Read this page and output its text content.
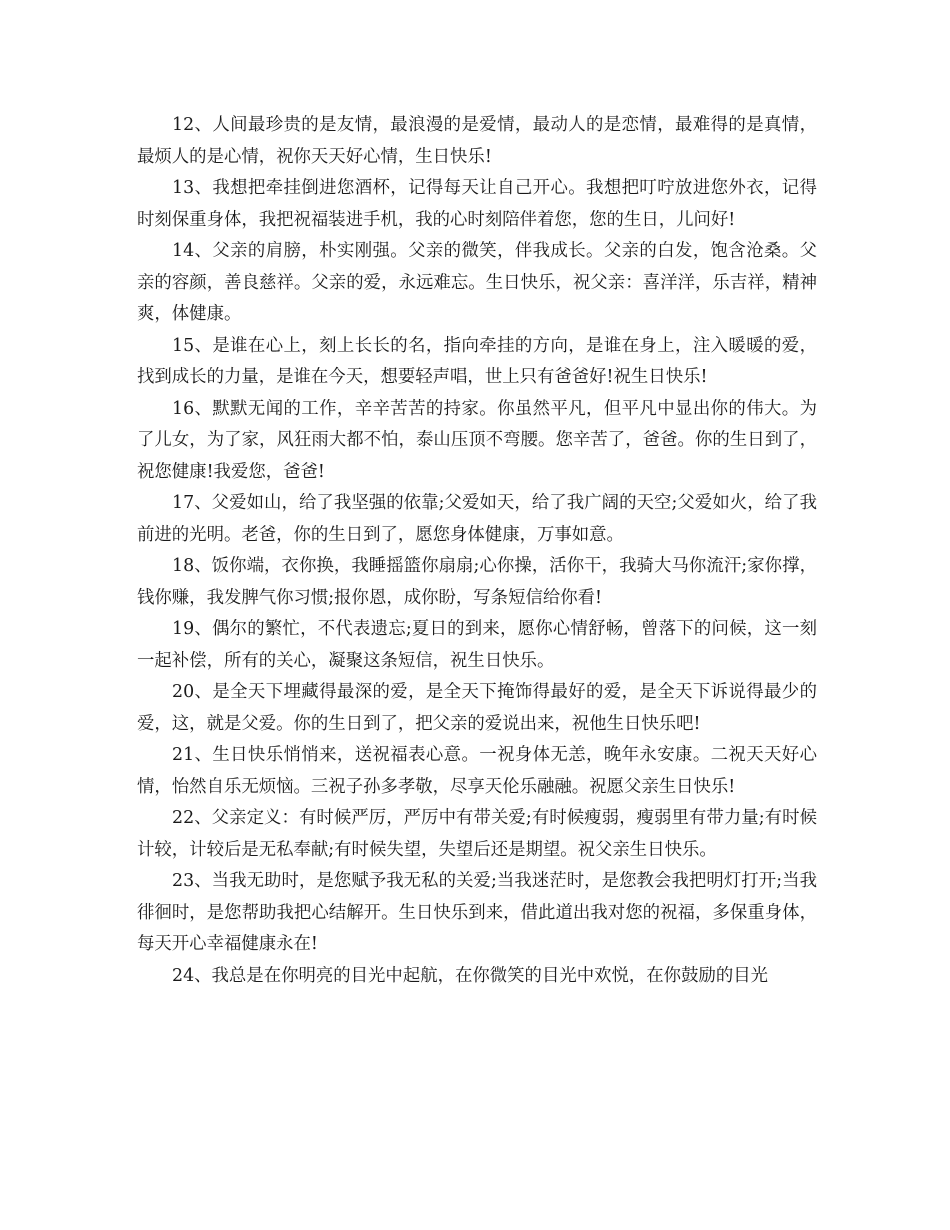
12、人间最珍贵的是友情，最浪漫的是爱情，最动人的是恋情，最难得的是真情，最烦人的是心情，祝你天天好心情，生日快乐!

13、我想把牵挂倒进您酒杯，记得每天让自己开心。我想把叮咛放进您外衣，记得时刻保重身体，我把祝福装进手机，我的心时刻陪伴着您，您的生日，儿问好!

14、父亲的肩膀，朴实刚强。父亲的微笑，伴我成长。父亲的白发，饱含沧桑。父亲的容颜，善良慈祥。父亲的爱，永远难忘。生日快乐，祝父亲：喜洋洋，乐吉祥，精神爽，体健康。

15、是谁在心上，刻上长长的名，指向牵挂的方向，是谁在身上，注入暖暖的爱，找到成长的力量，是谁在今天，想要轻声唱，世上只有爸爸好!祝生日快乐!

16、默默无闻的工作，辛辛苦苦的持家。你虽然平凡，但平凡中显出你的伟大。为了儿女，为了家，风狂雨大都不怕，泰山压顶不弯腰。您辛苦了，爸爸。你的生日到了，祝您健康!我爱您，爸爸!

17、父爱如山，给了我坚强的依靠;父爱如天，给了我广阔的天空;父爱如火，给了我前进的光明。老爸，你的生日到了，愿您身体健康，万事如意。

18、饭你端，衣你换，我睡摇篮你扇扇;心你操，活你干，我骑大马你流汗;家你撑，钱你赚，我发脾气你习惯;报你恩，成你盼，写条短信给你看!

19、偶尔的繁忙，不代表遗忘;夏日的到来，愿你心情舒畅，曾落下的问候，这一刻一起补偿，所有的关心，凝聚这条短信，祝生日快乐。

20、是全天下埋藏得最深的爱，是全天下掩饰得最好的爱，是全天下诉说得最少的爱，这，就是父爱。你的生日到了，把父亲的爱说出来，祝他生日快乐吧!

21、生日快乐悄悄来，送祝福表心意。一祝身体无恙，晚年永安康。二祝天天好心情，怡然自乐无烦恼。三祝子孙多孝敬，尽享天伦乐融融。祝愿父亲生日快乐!

22、父亲定义：有时候严厉，严厉中有带关爱;有时候瘦弱，瘦弱里有带力量;有时候计较，计较后是无私奉献;有时候失望，失望后还是期望。祝父亲生日快乐。

23、当我无助时，是您赋予我无私的关爱;当我迷茫时，是您教会我把明灯打开;当我徘徊时，是您帮助我把心结解开。生日快乐到来，借此道出我对您的祝福，多保重身体，每天开心幸福健康永在!

24、我总是在你明亮的目光中起航，在你微笑的目光中欢悦，在你鼓励的目光
